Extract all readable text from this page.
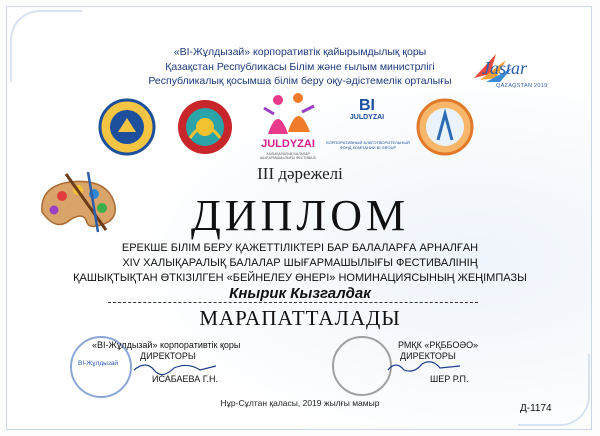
«BI-Жұлдызай» корпоративтік қайырымдылық қоры
Қазақстан Республикасы Білім және ғылым министрлігі
Республикалық қосымша білім беру оқу-әдістемелік орталығы
Jastar
QAZAQSTAN 2019
JULDYZAI
ХАЛЫҚАРАЛЫҚ БАЛАЛАР ШЫҒАРМАШЫЛЫҒЫ ФЕСТИВАЛІ
BI
JULDYZAI
КОРПОРАТИВНЫЙ БЛАГОТВОРИТЕЛЬНЫЙ ФОНД КОМПАНИИ BI GROUP
III дәрежелі
ДИПЛОМ
ЕРЕКШЕ БІЛІМ БЕРУ ҚАЖЕТТІЛІКТЕРІ БАР БАЛАЛАРҒА АРНАЛҒАН
XIV ХАЛЫҚАРАЛЫҚ БАЛАЛАР ШЫҒАРМАШЫЛЫҒЫ ФЕСТИВАЛІНІҢ
ҚАШЫҚТЫҚТАН ӨТКІЗІЛГЕН «БЕЙНЕЛЕУ ӨНЕРІ» НОМИНАЦИЯСЫНЫҢ ЖЕҢІМПАЗЫ
Кнырик Кызгалдак
МАРАПАТТАЛАДЫ
BI-Жұлдызай
«BI-Жұлдызай» корпоративтік қоры
ДИРЕКТОРЫ
ИСАБАЕВА Г.Н.
РМҚК «РҚББОӘО»
ДИРЕКТОРЫ
ШЕР Р.П.
Нұр-Сұлтан қаласы, 2019 жылғы мамыр	Д-1174
